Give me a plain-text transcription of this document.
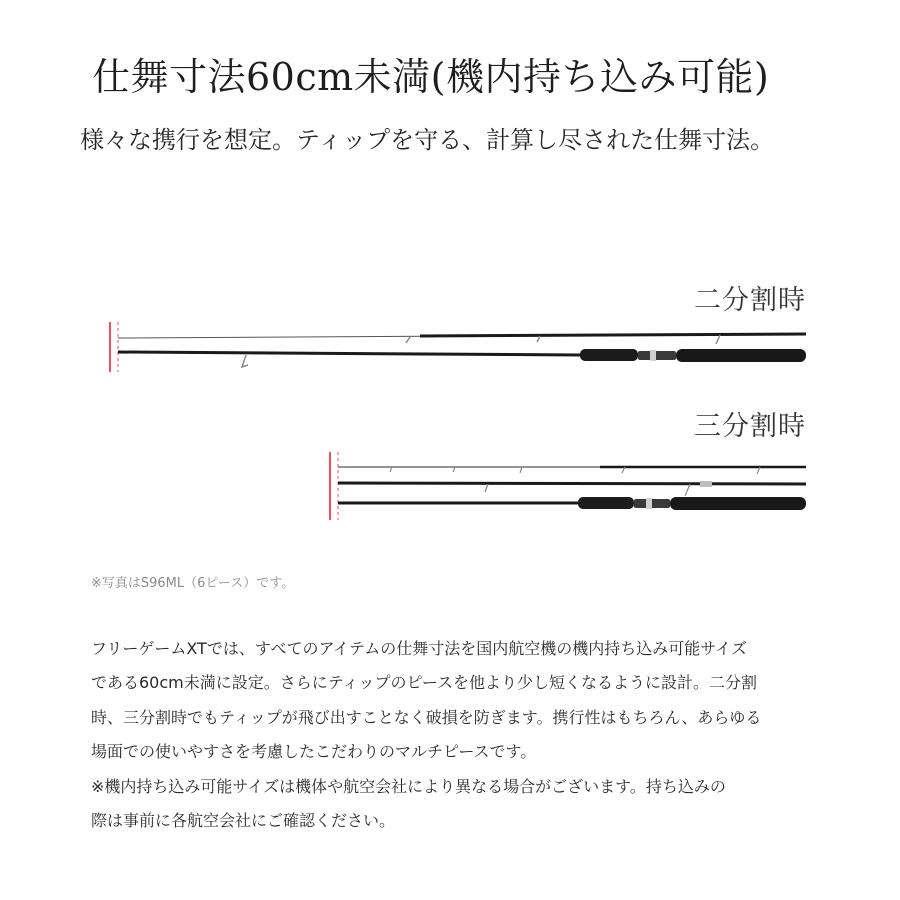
仕舞寸法60cm未満(機内持ち込み可能)

様々な携行を想定。ティップを守る、計算し尽された仕舞寸法。

二分割時
三分割時
※写真はS96ML（6ピース）です。
フリーゲームXTでは、すべてのアイテムの仕舞寸法を国内航空機の機内持ち込み可能サイズ
である60cm未満に設定。さらにティップのピースを他より少し短くなるように設計。二分割
時、三分割時でもティップが飛び出すことなく破損を防ぎます。携行性はもちろん、あらゆる
場面での使いやすさを考慮したこだわりのマルチピースです。
※機内持ち込み可能サイズは機体や航空会社により異なる場合がございます。持ち込みの
際は事前に各航空会社にご確認ください。
